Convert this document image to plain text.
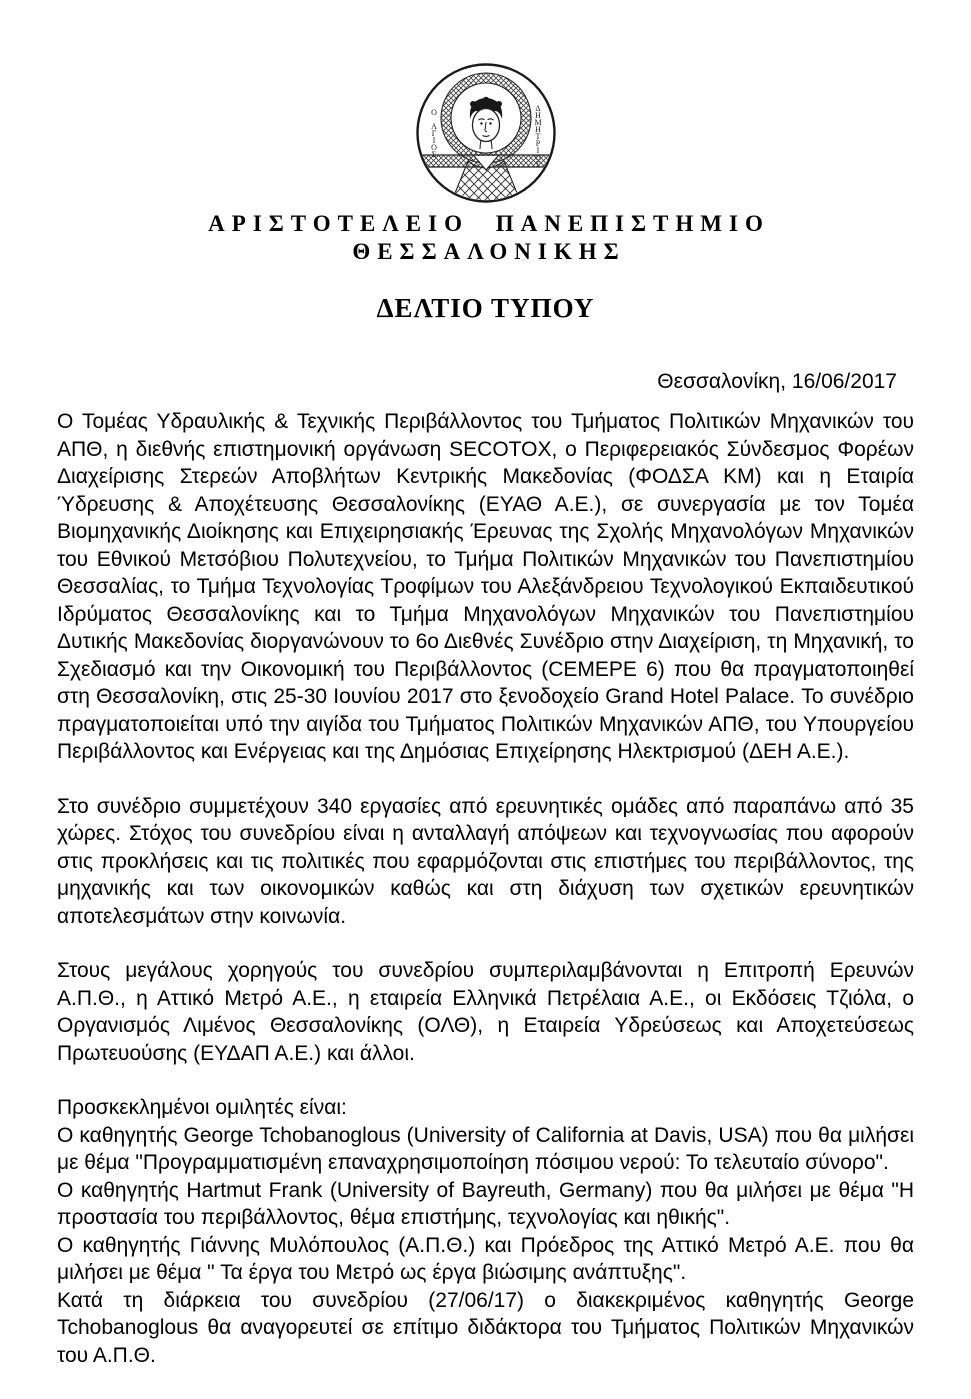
Ο ΑΓΙΟΣ	ΔΗΜΗΤΡΙΟΣ
ΑΡΙΣΤΟΤΕΛΕΙΟ ΠΑΝΕΠΙΣΤΗΜΙΟ
ΘΕΣΣΑΛΟΝΙΚΗΣ
ΔΕΛΤΙΟ ΤΥΠΟΥ
Θεσσαλονίκη, 16/06/2017

Ο Τομέας Υδραυλικής & Τεχνικής Περιβάλλοντος του Τμήματος Πολιτικών Μηχανικών του ΑΠΘ, η διεθνής επιστημονική οργάνωση SECOTOX, ο Περιφερειακός Σύνδεσμος Φορέων Διαχείρισης Στερεών Αποβλήτων Κεντρικής Μακεδονίας (ΦΟΔΣΑ ΚΜ) και η Εταιρία Ύδρευσης & Αποχέτευσης Θεσσαλονίκης (ΕΥΑΘ Α.Ε.), σε συνεργασία με τον Τομέα Βιομηχανικής Διοίκησης και Επιχειρησιακής Έρευνας της Σχολής Μηχανολόγων Μηχανικών του Εθνικού Μετσόβιου Πολυτεχνείου, το Τμήμα Πολιτικών Μηχανικών του Πανεπιστημίου Θεσσαλίας, το Τμήμα Τεχνολογίας Τροφίμων του Αλεξάνδρειου Τεχνολογικού Εκπαιδευτικού Ιδρύματος Θεσσαλονίκης και το Τμήμα Μηχανολόγων Μηχανικών του Πανεπιστημίου Δυτικής Μακεδονίας διοργανώνουν το 6ο Διεθνές Συνέδριο στην Διαχείριση, τη Μηχανική, το Σχεδιασμό και την Οικονομική του Περιβάλλοντος (CEMEPE 6) που θα πραγματοποιηθεί στη Θεσσαλονίκη, στις 25-30 Ιουνίου 2017 στο ξενοδοχείο Grand Hotel Palace. Το συνέδριο πραγματοποιείται υπό την αιγίδα του Τμήματος Πολιτικών Μηχανικών ΑΠΘ, του Υπουργείου Περιβάλλοντος και Ενέργειας και της Δημόσιας Επιχείρησης Ηλεκτρισμού (ΔΕΗ Α.Ε.).

Στο συνέδριο συμμετέχουν 340 εργασίες από ερευνητικές ομάδες από παραπάνω από 35 χώρες. Στόχος του συνεδρίου είναι η ανταλλαγή απόψεων και τεχνογνωσίας που αφορούν στις προκλήσεις και τις πολιτικές που εφαρμόζονται στις επιστήμες του περιβάλλοντος, της μηχανικής και των οικονομικών καθώς και στη διάχυση των σχετικών ερευνητικών αποτελεσμάτων στην κοινωνία.

Στους μεγάλους χορηγούς του συνεδρίου συμπεριλαμβάνονται η Επιτροπή Ερευνών Α.Π.Θ., η Αττικό Μετρό Α.Ε., η εταιρεία Ελληνικά Πετρέλαια Α.Ε., οι Εκδόσεις Τζιόλα, ο Οργανισμός Λιμένος Θεσσαλονίκης (ΟΛΘ), η Εταιρεία Υδρεύσεως και Αποχετεύσεως Πρωτευούσης (ΕΥΔΑΠ Α.Ε.) και άλλοι.

Προσκεκλημένοι ομιλητές είναι:

Ο καθηγητής George Tchobanoglous (University of California at Davis, USA) που θα μιλήσει με θέμα "Προγραμματισμένη επαναχρησιμοποίηση πόσιμου νερού: Το τελευταίο σύνορο".

Ο καθηγητής Hartmut Frank (University of Bayreuth, Germany) που θα μιλήσει με θέμα "Η προστασία του περιβάλλοντος, θέμα επιστήμης, τεχνολογίας και ηθικής".

Ο καθηγητής Γιάννης Μυλόπουλος (Α.Π.Θ.) και Πρόεδρος της Αττικό Μετρό Α.Ε. που θα μιλήσει με θέμα " Τα έργα του Μετρό ως έργα βιώσιμης ανάπτυξης".

Κατά τη διάρκεια του συνεδρίου (27/06/17) ο διακεκριμένος καθηγητής George Tchobanoglous θα αναγορευτεί σε επίτιμο διδάκτορα του Τμήματος Πολιτικών Μηχανικών του Α.Π.Θ.
